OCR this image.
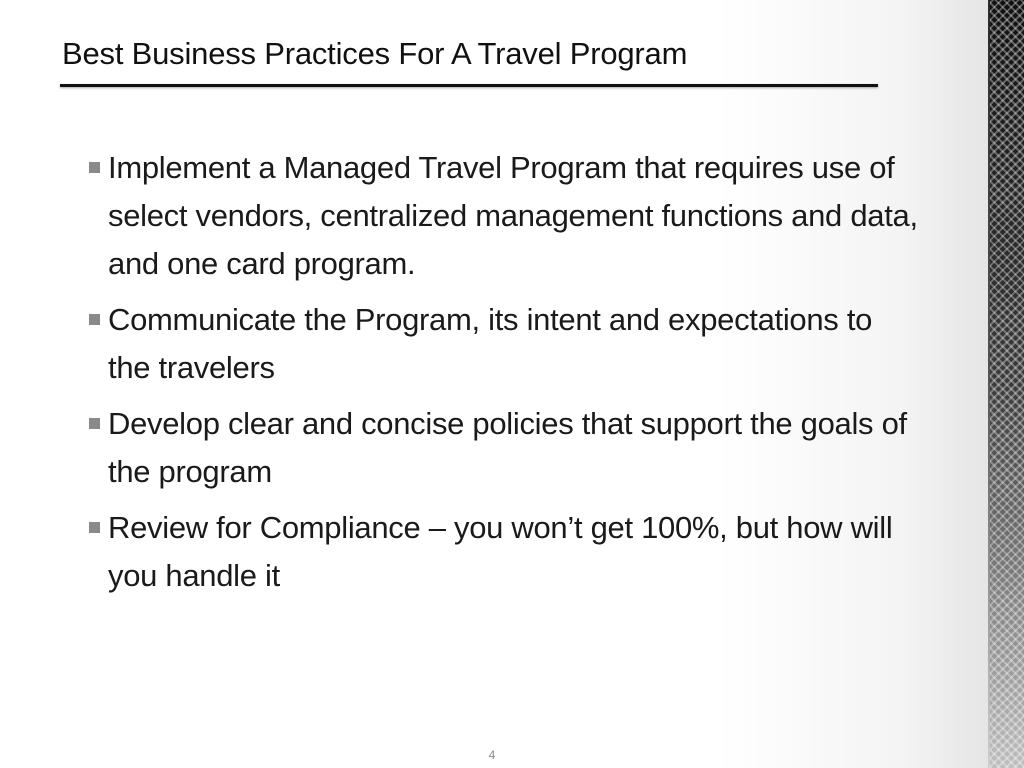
Best Business Practices For A Travel Program
Implement a Managed Travel Program that requires use of select vendors, centralized management functions and data, and one card program.
Communicate the Program, its intent and expectations to the travelers
Develop clear and concise policies that support the goals of the program
Review for Compliance – you won’t get 100%, but how will you handle it
4
